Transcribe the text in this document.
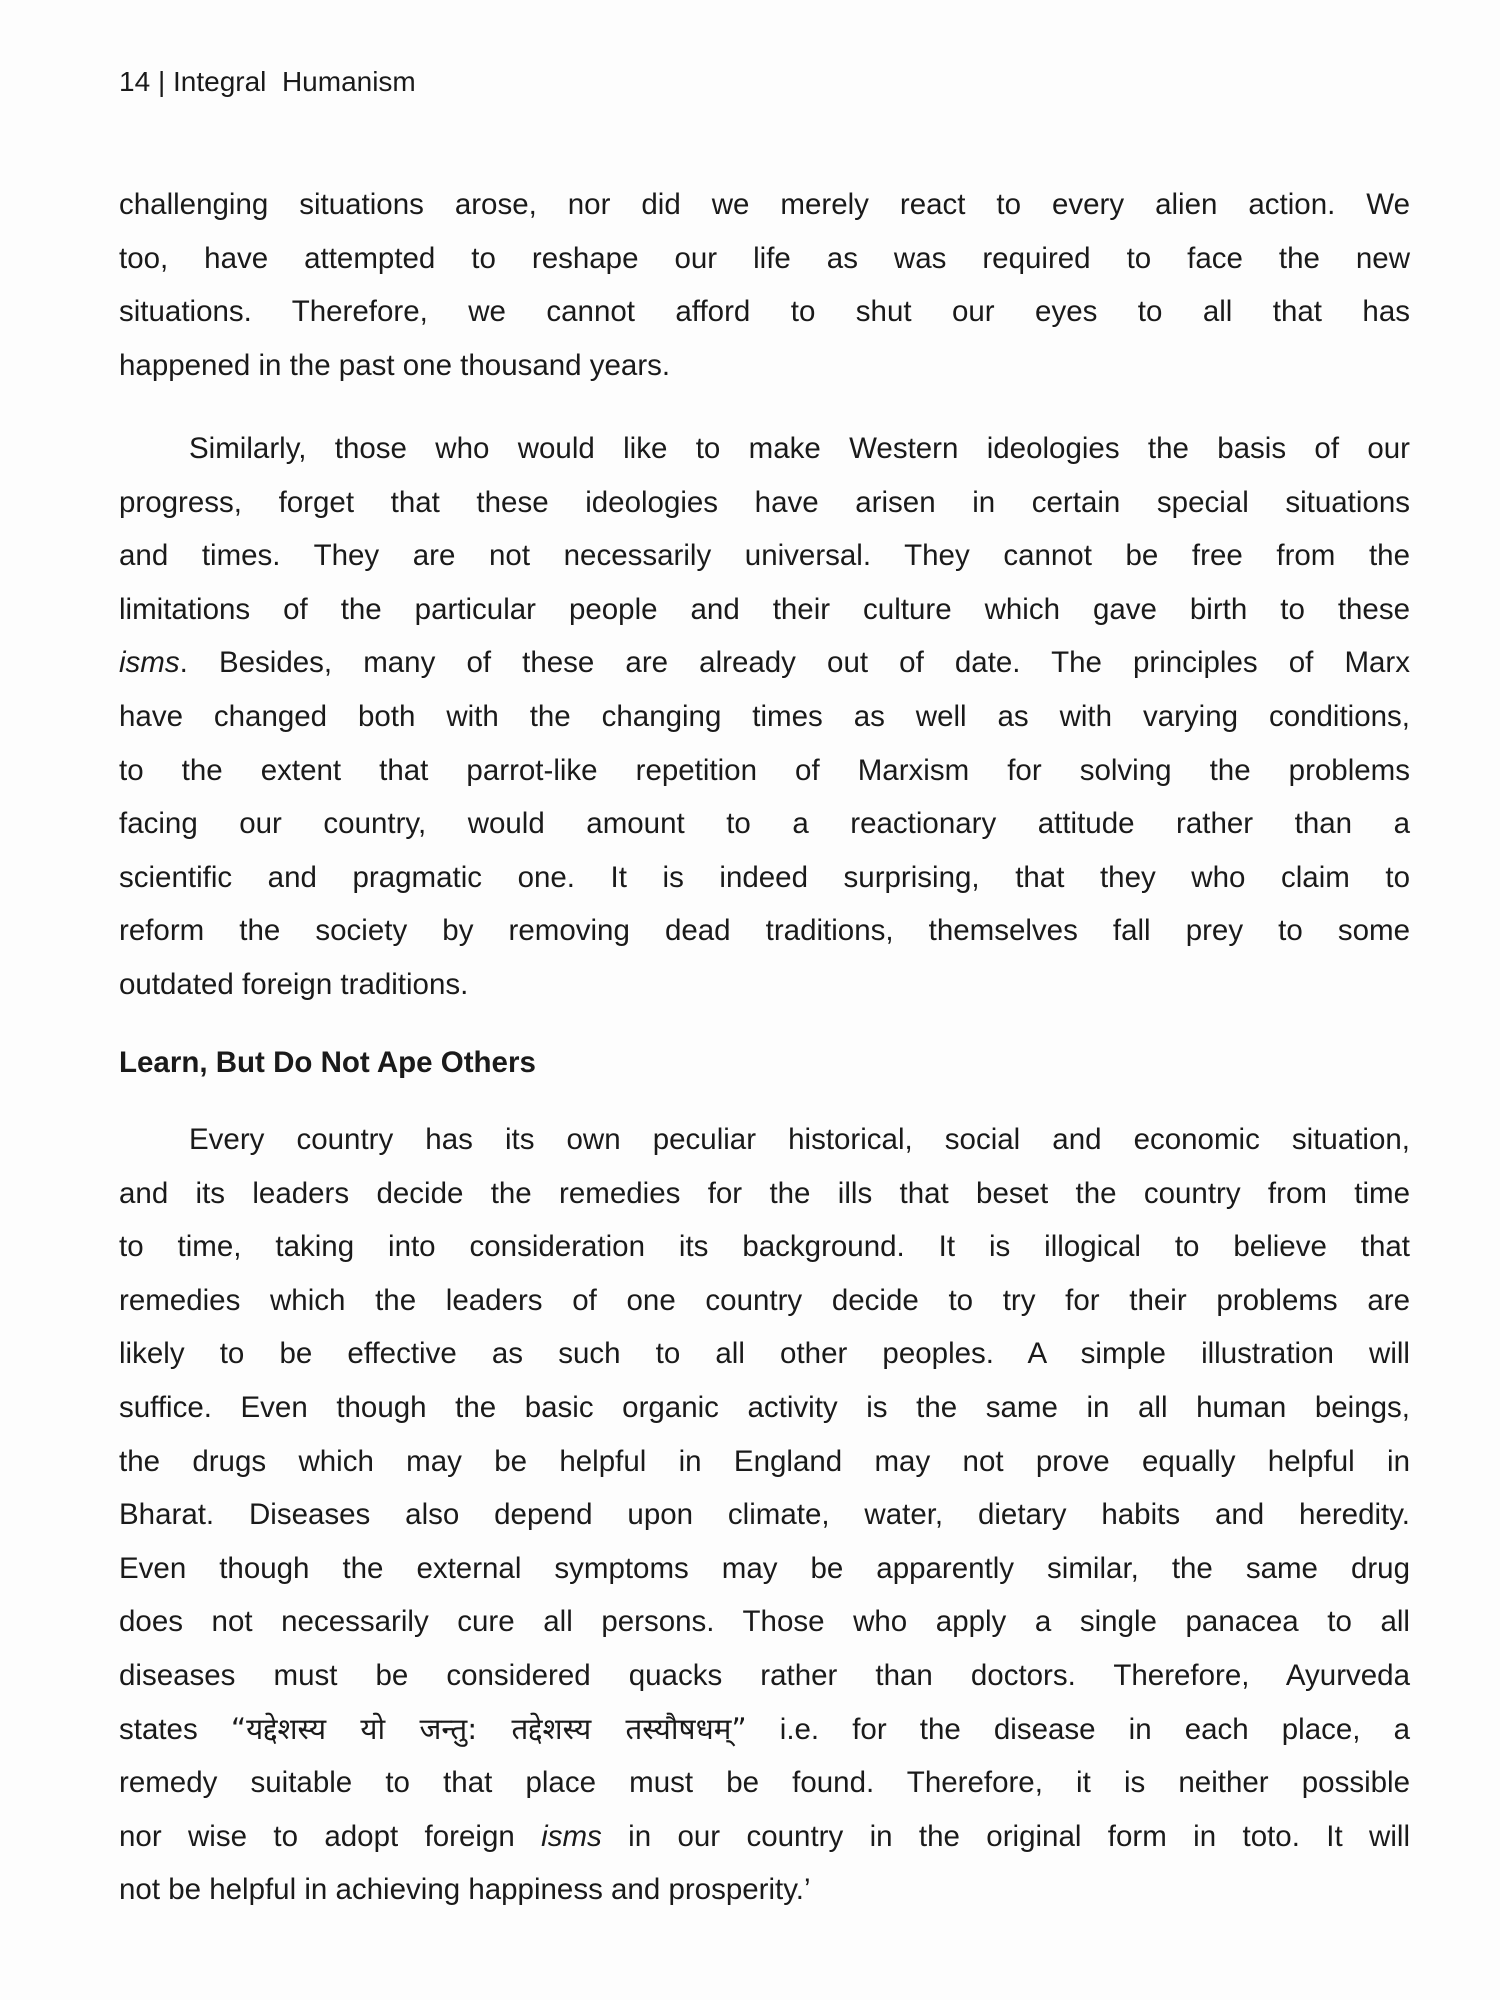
14 | Integral  Humanism
challenging situations arose, nor did we merely react to every alien action. We
too, have attempted to reshape our life as was required to face the new
situations. Therefore, we cannot afford to shut our eyes to all that has
happened in the past one thousand years.
Similarly, those who would like to make Western ideologies the basis of our
progress, forget that these ideologies have arisen in certain special situations
and times. They are not necessarily universal. They cannot be free from the
limitations of the particular people and their culture which gave birth to these
isms. Besides, many of these are already out of date. The principles of Marx
have changed both with the changing times as well as with varying conditions,
to the extent that parrot-like repetition of Marxism for solving the problems
facing our country, would amount to a reactionary attitude rather than a
scientific and pragmatic one. It is indeed surprising, that they who claim to
reform the society by removing dead traditions, themselves fall prey to some
outdated foreign traditions.
Learn, But Do Not Ape Others
Every country has its own peculiar historical, social and economic situation,
and its leaders decide the remedies for the ills that beset the country from time
to time, taking into consideration its background. It is illogical to believe that
remedies which the leaders of one country decide to try for their problems are
likely to be effective as such to all other peoples. A simple illustration will
suffice. Even though the basic organic activity is the same in all human beings,
the drugs which may be helpful in England may not prove equally helpful in
Bharat. Diseases also depend upon climate, water, dietary habits and heredity.
Even though the external symptoms may be apparently similar, the same drug
does not necessarily cure all persons. Those who apply a single panacea to all
diseases must be considered quacks rather than doctors. Therefore, Ayurveda
states “यद्देशस्य यो जन्तु: तद्देशस्य तस्यौषधम्” i.e. for the disease in each place, a
remedy suitable to that place must be found. Therefore, it is neither possible
nor wise to adopt foreign isms in our country in the original form in toto. It will
not be helpful in achieving happiness and prosperity.’
